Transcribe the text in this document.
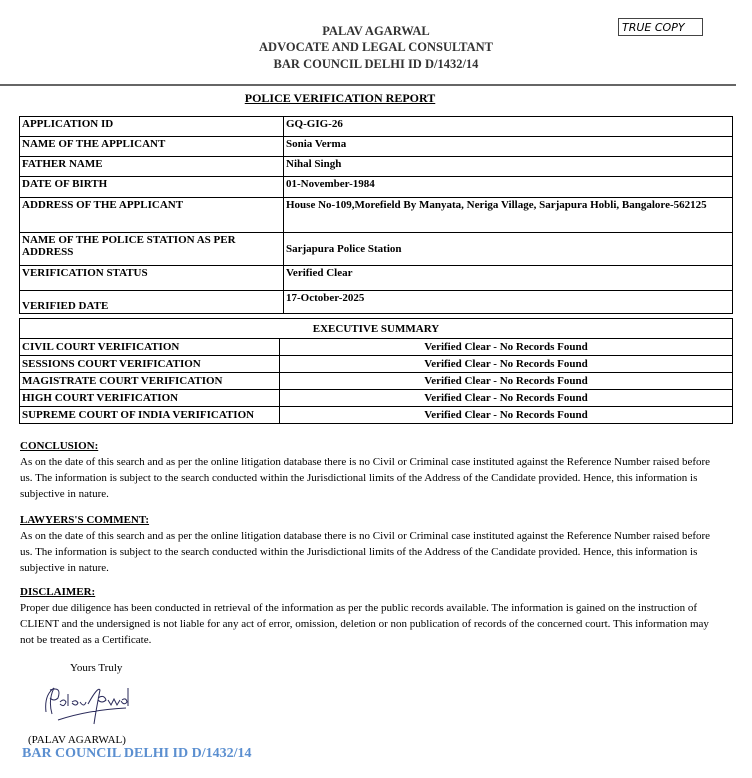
PALAV AGARWAL
ADVOCATE AND LEGAL CONSULTANT
BAR COUNCIL DELHI ID D/1432/14
TRUE COPY
POLICE VERIFICATION REPORT
APPLICATION ID	GQ-GIG-26
NAME OF THE APPLICANT	Sonia Verma
FATHER NAME	Nihal Singh
DATE OF BIRTH	01-November-1984
ADDRESS OF THE APPLICANT	House No-109,Morefield By Manyata, Neriga Village, Sarjapura Hobli, Bangalore-562125
NAME OF THE POLICE STATION AS PER ADDRESS	Sarjapura Police Station
VERIFICATION STATUS	Verified Clear
VERIFIED DATE	17-October-2025
EXECUTIVE SUMMARY	
CIVIL COURT VERIFICATION	Verified Clear - No Records Found
SESSIONS COURT VERIFICATION	Verified Clear - No Records Found
MAGISTRATE COURT VERIFICATION	Verified Clear - No Records Found
HIGH COURT VERIFICATION	Verified Clear - No Records Found
SUPREME COURT OF INDIA VERIFICATION	Verified Clear - No Records Found
CONCLUSION:

As on the date of this search and as per the online litigation database there is no Civil or Criminal case instituted against the Reference Number raised before us. The information is subject to the search conducted within the Jurisdictional limits of the Address of the Candidate provided. Hence, this information is subjective in nature.

LAWYERS'S COMMENT:

As on the date of this search and as per the online litigation database there is no Civil or Criminal case instituted against the Reference Number raised before us. The information is subject to the search conducted within the Jurisdictional limits of the Address of the Candidate provided. Hence, this information is subjective in nature.

DISCLAIMER:

Proper due diligence has been conducted in retrieval of the information as per the public records available. The information is gained on the instruction of CLIENT and the undersigned is not liable for any act of error, omission, deletion or non publication of records of the concerned court. This information may not be treated as a Certificate.

Yours Truly
(PALAV AGARWAL)
BAR COUNCIL DELHI ID D/1432/14
